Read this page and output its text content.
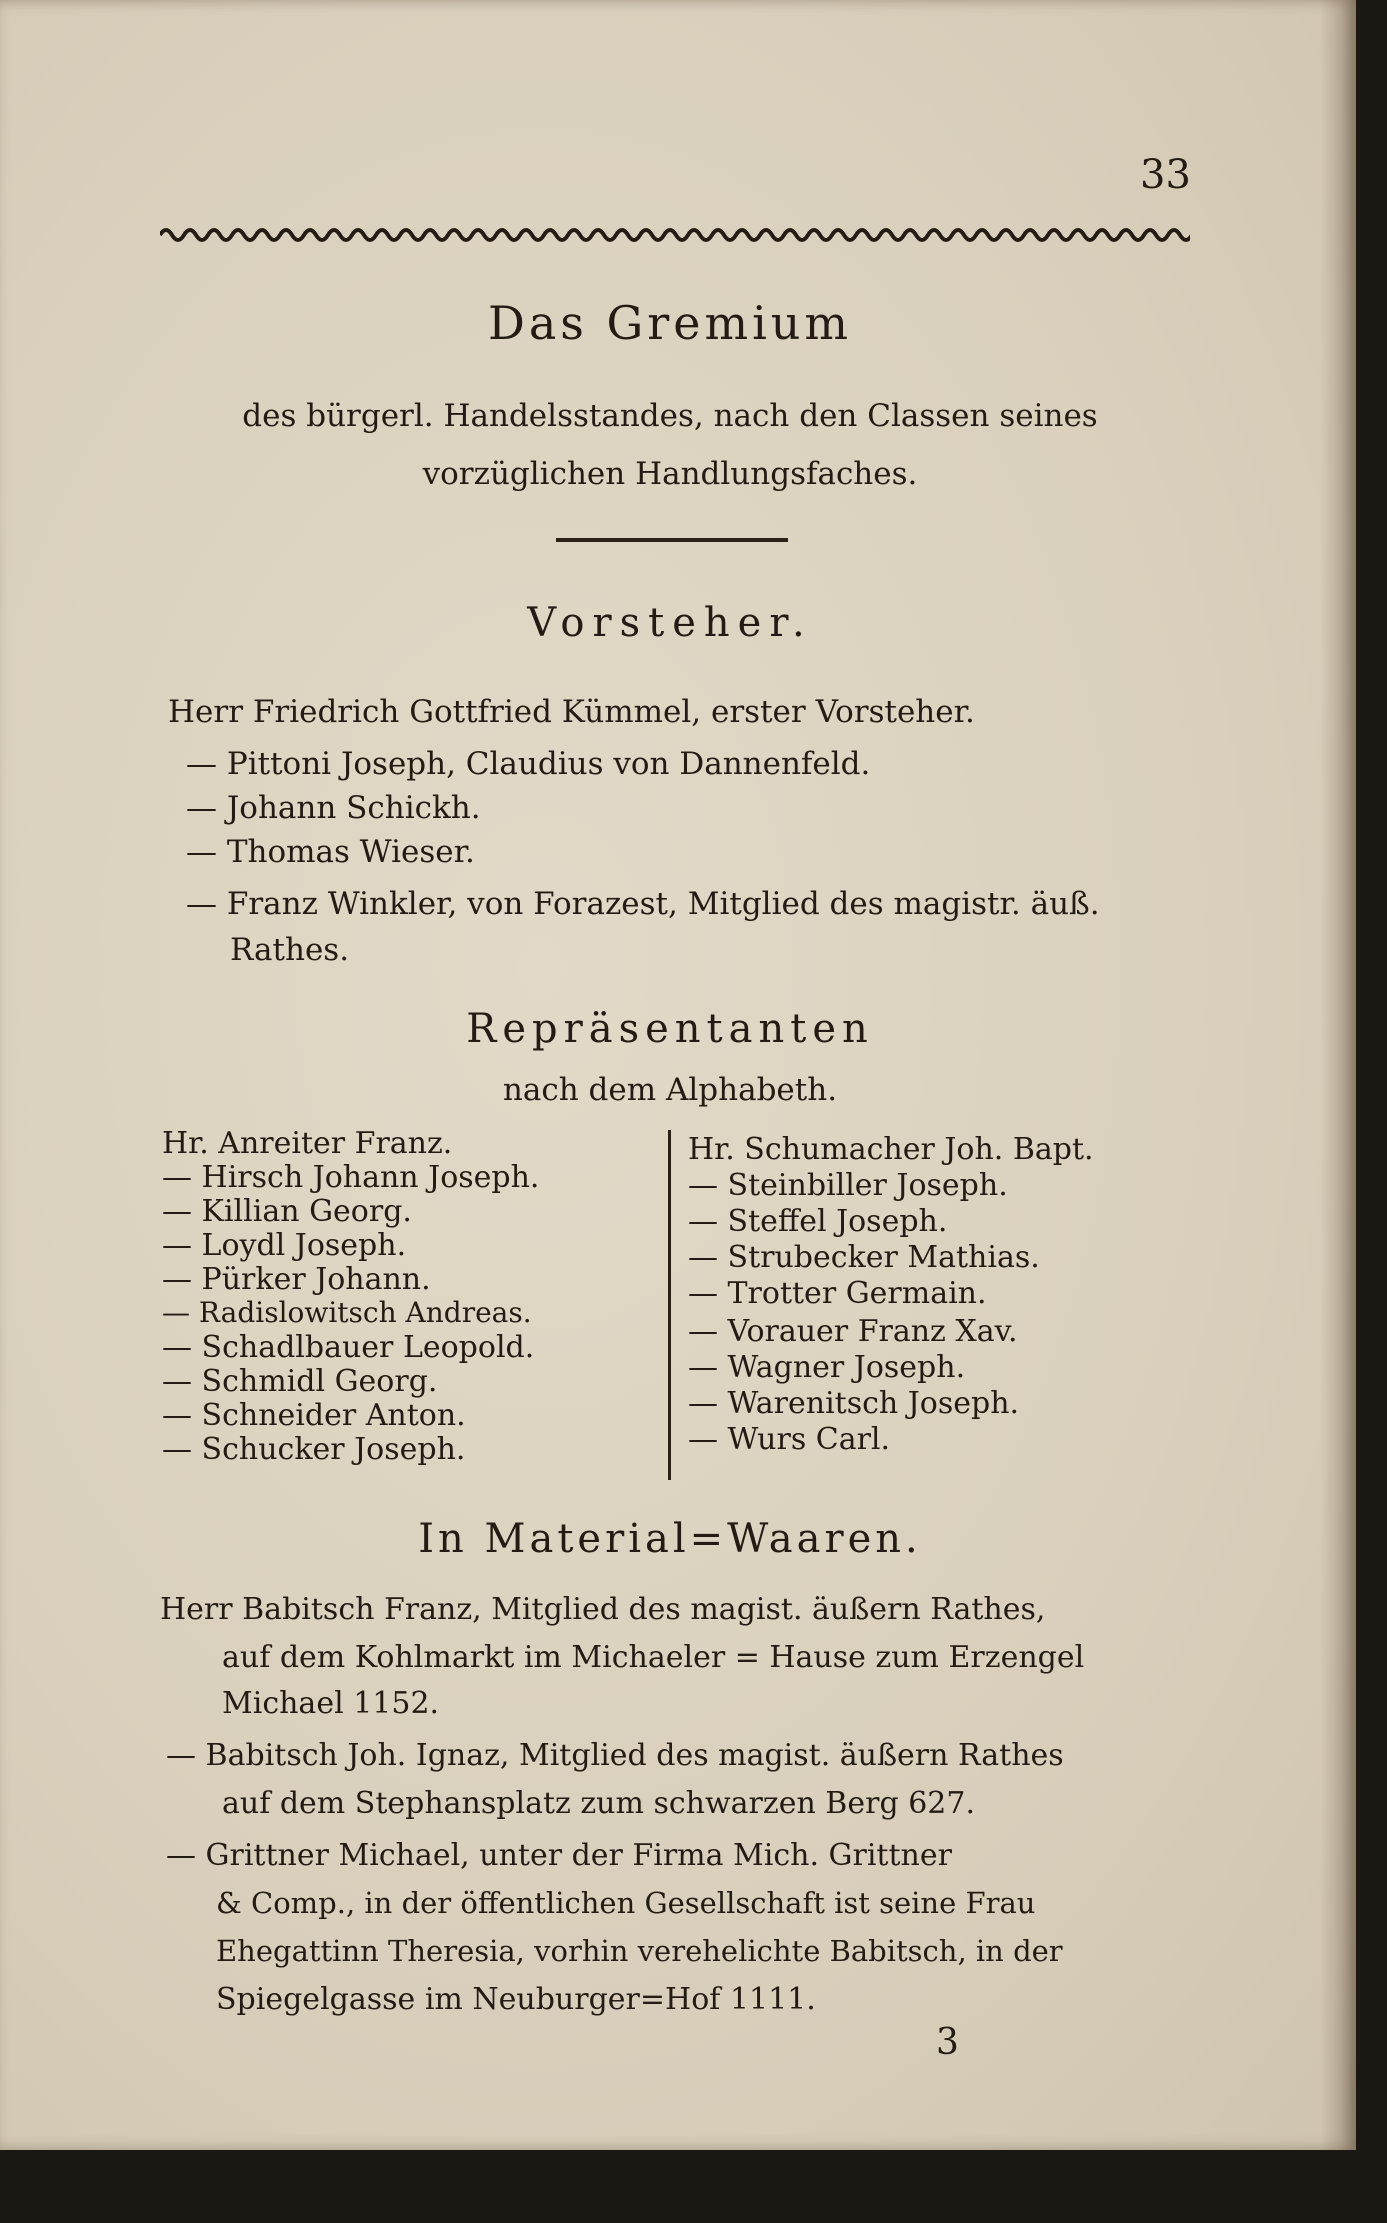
33
Das Gremium
des bürgerl. Handelsstandes, nach den Classen seines
vorzüglichen Handlungsfaches.
Vorsteher.
Herr Friedrich Gottfried Kümmel, erster Vorsteher.
— Pittoni Joseph, Claudius von Dannenfeld.
— Johann Schickh.
— Thomas Wieser.
— Franz Winkler, von Forazest, Mitglied des magistr. äuß.
Rathes.
Repräsentanten
nach dem Alphabeth.
Hr. Anreiter Franz.
— Hirsch Johann Joseph.
— Killian Georg.
— Loydl Joseph.
— Pürker Johann.
— Radislowitsch Andreas.
— Schadlbauer Leopold.
— Schmidl Georg.
— Schneider Anton.
— Schucker Joseph.
Hr. Schumacher Joh. Bapt.
— Steinbiller Joseph.
— Steffel Joseph.
— Strubecker Mathias.
— Trotter Germain.
— Vorauer Franz Xav.
— Wagner Joseph.
— Warenitsch Joseph.
— Wurs Carl.
In Material=Waaren.
Herr Babitsch Franz, Mitglied des magist. äußern Rathes,
auf dem Kohlmarkt im Michaeler = Hause zum Erzengel
Michael 1152.
— Babitsch Joh. Ignaz, Mitglied des magist. äußern Rathes
auf dem Stephansplatz zum schwarzen Berg 627.
— Grittner Michael, unter der Firma Mich. Grittner
& Comp., in der öffentlichen Gesellschaft ist seine Frau
Ehegattinn Theresia, vorhin verehelichte Babitsch, in der
Spiegelgasse im Neuburger=Hof 1111.
3
